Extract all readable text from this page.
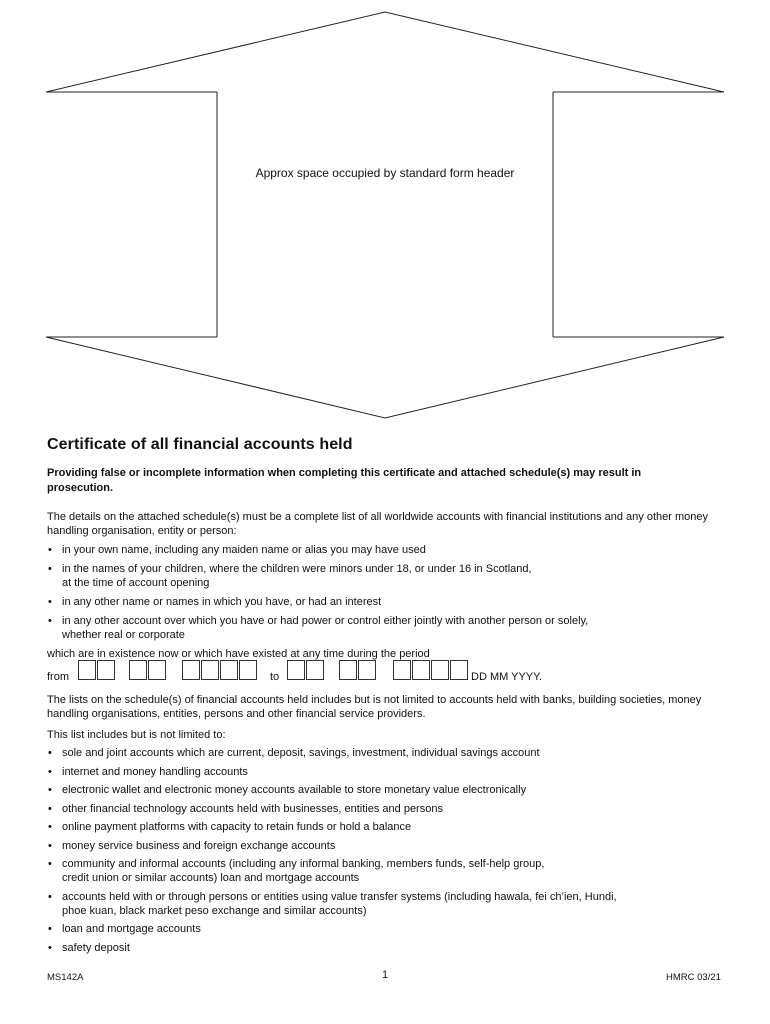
Approx space occupied by standard form header
Certificate of all financial accounts held
Providing false or incomplete information when completing this certificate and attached schedule(s) may result in prosecution.
The details on the attached schedule(s) must be a complete list of all worldwide accounts with financial institutions and any other money handling organisation, entity or person:
• in your own name, including any maiden name or alias you may have used
• in the names of your children, where the children were minors under 18, or under 16 in Scotland,
at the time of account opening
• in any other name or names in which you have, or had an interest
• in any other account over which you have or had power or control either jointly with another person or solely,
whether real or corporate
which are in existence now or which have existed at any time during the period
from	to	DD MM YYYY.
The lists on the schedule(s) of financial accounts held includes but is not limited to accounts held with banks, building societies, money handling organisations, entities, persons and other financial service providers.
This list includes but is not limited to:
• sole and joint accounts which are current, deposit, savings, investment, individual savings account
• internet and money handling accounts
• electronic wallet and electronic money accounts available to store monetary value electronically
• other financial technology accounts held with businesses, entities and persons
• online payment platforms with capacity to retain funds or hold a balance
• money service business and foreign exchange accounts
• community and informal accounts (including any informal banking, members funds, self-help group,
credit union or similar accounts) loan and mortgage accounts
• accounts held with or through persons or entities using value transfer systems (including hawala, fei ch’ien, Hundi,
phoe kuan, black market peso exchange and similar accounts)
• loan and mortgage accounts
• safety deposit
MS142A	1	HMRC 03/21
